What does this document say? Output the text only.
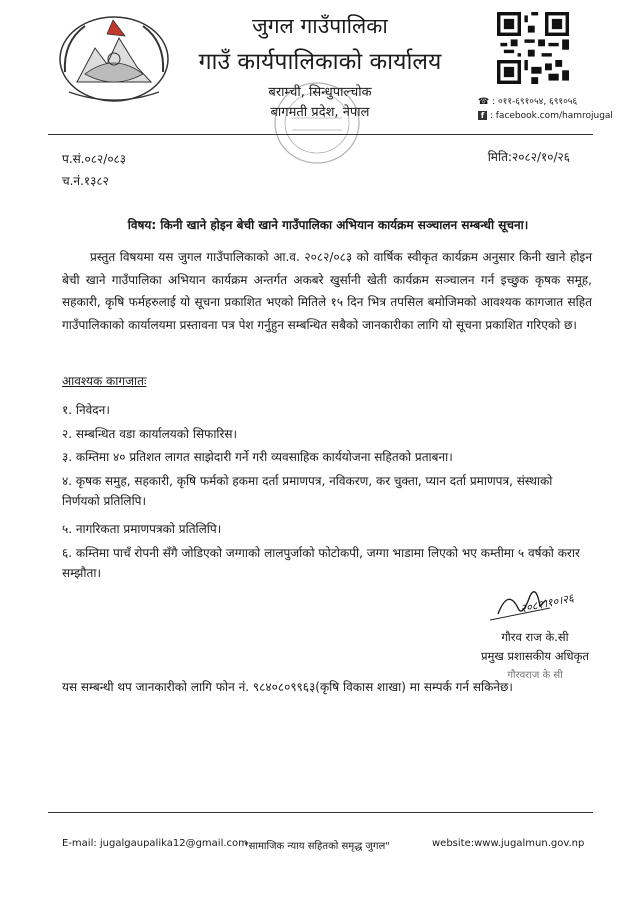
जुगल गाउँपालिका
गाउँ कार्यपालिकाको कार्यालय
बराम्ची, सिन्धुपाल्चोक
बागमती प्रदेश, नेपाल
☎ : ०११-६९१०५४, ६९१०५६
f : facebook.com/hamrojugal
प.सं.०८२/०८३
च.नं.१३८२
मिति:२०८२/१०/२६
विषय: किनी खाने होइन बेची खाने गाउँपालिका अभियान कार्यक्रम सञ्चालन सम्बन्धी सूचना।
प्रस्तुत विषयमा यस जुगल गाउँपालिकाको आ.व. २०८२/०८३ को वार्षिक स्वीकृत कार्यक्रम अनुसार किनी खाने होइन बेची खाने गाउँपालिका अभियान कार्यक्रम अन्तर्गत अकबरे खुर्सानी खेती कार्यक्रम सञ्चालन गर्न इच्छुक कृषक समूह, सहकारी, कृषि फर्महरुलाई यो सूचना प्रकाशित भएको मितिले १५ दिन भित्र तपसिल बमोजिमको आवश्यक कागजात सहित गाउँपालिकाको कार्यालयमा प्रस्तावना पत्र पेश गर्नुहुन सम्बन्धित सबैको जानकारीका लागि यो सूचना प्रकाशित गरिएको छ।
आवश्यक कागजातः
१. निवेदन।
२. सम्बन्धित वडा कार्यालयको सिफारिस।
३. कम्तिमा ४० प्रतिशत लागत साझेदारी गर्ने गरी व्यवसाहिक कार्ययोजना सहितको प्रताबना।
४. कृषक समुह, सहकारी, कृषि फर्मको हकमा दर्ता प्रमाणपत्र, नविकरण, कर चुक्ता, प्यान दर्ता प्रमाणपत्र, संस्थाको निर्णयको प्रतिलिपि।
५. नागरिकता प्रमाणपत्रको प्रतिलिपि।
६. कम्तिमा पाचँ रोपनी सँगै जोडिएको जग्गाको लालपुर्जाको फोटोकपी, जग्गा भाडामा लिएको भए कम्तीमा ५ वर्षको करार सम्झौता।
२०८२।१०।२६
गौरव राज के.सी
प्रमुख प्रशासकीय अधिकृत
गौरवराज के सी
यस सम्बन्धी थप जानकारीको लागि फोन नं. ९८४०८०९९६३(कृषि विकास शाखा) मा सम्पर्क गर्न सकिनेछ।
E-mail: jugalgaupalika12@gmail.com
"सामाजिक न्याय सहितको समृद्ध जुगल"	website:www.jugalmun.gov.np
